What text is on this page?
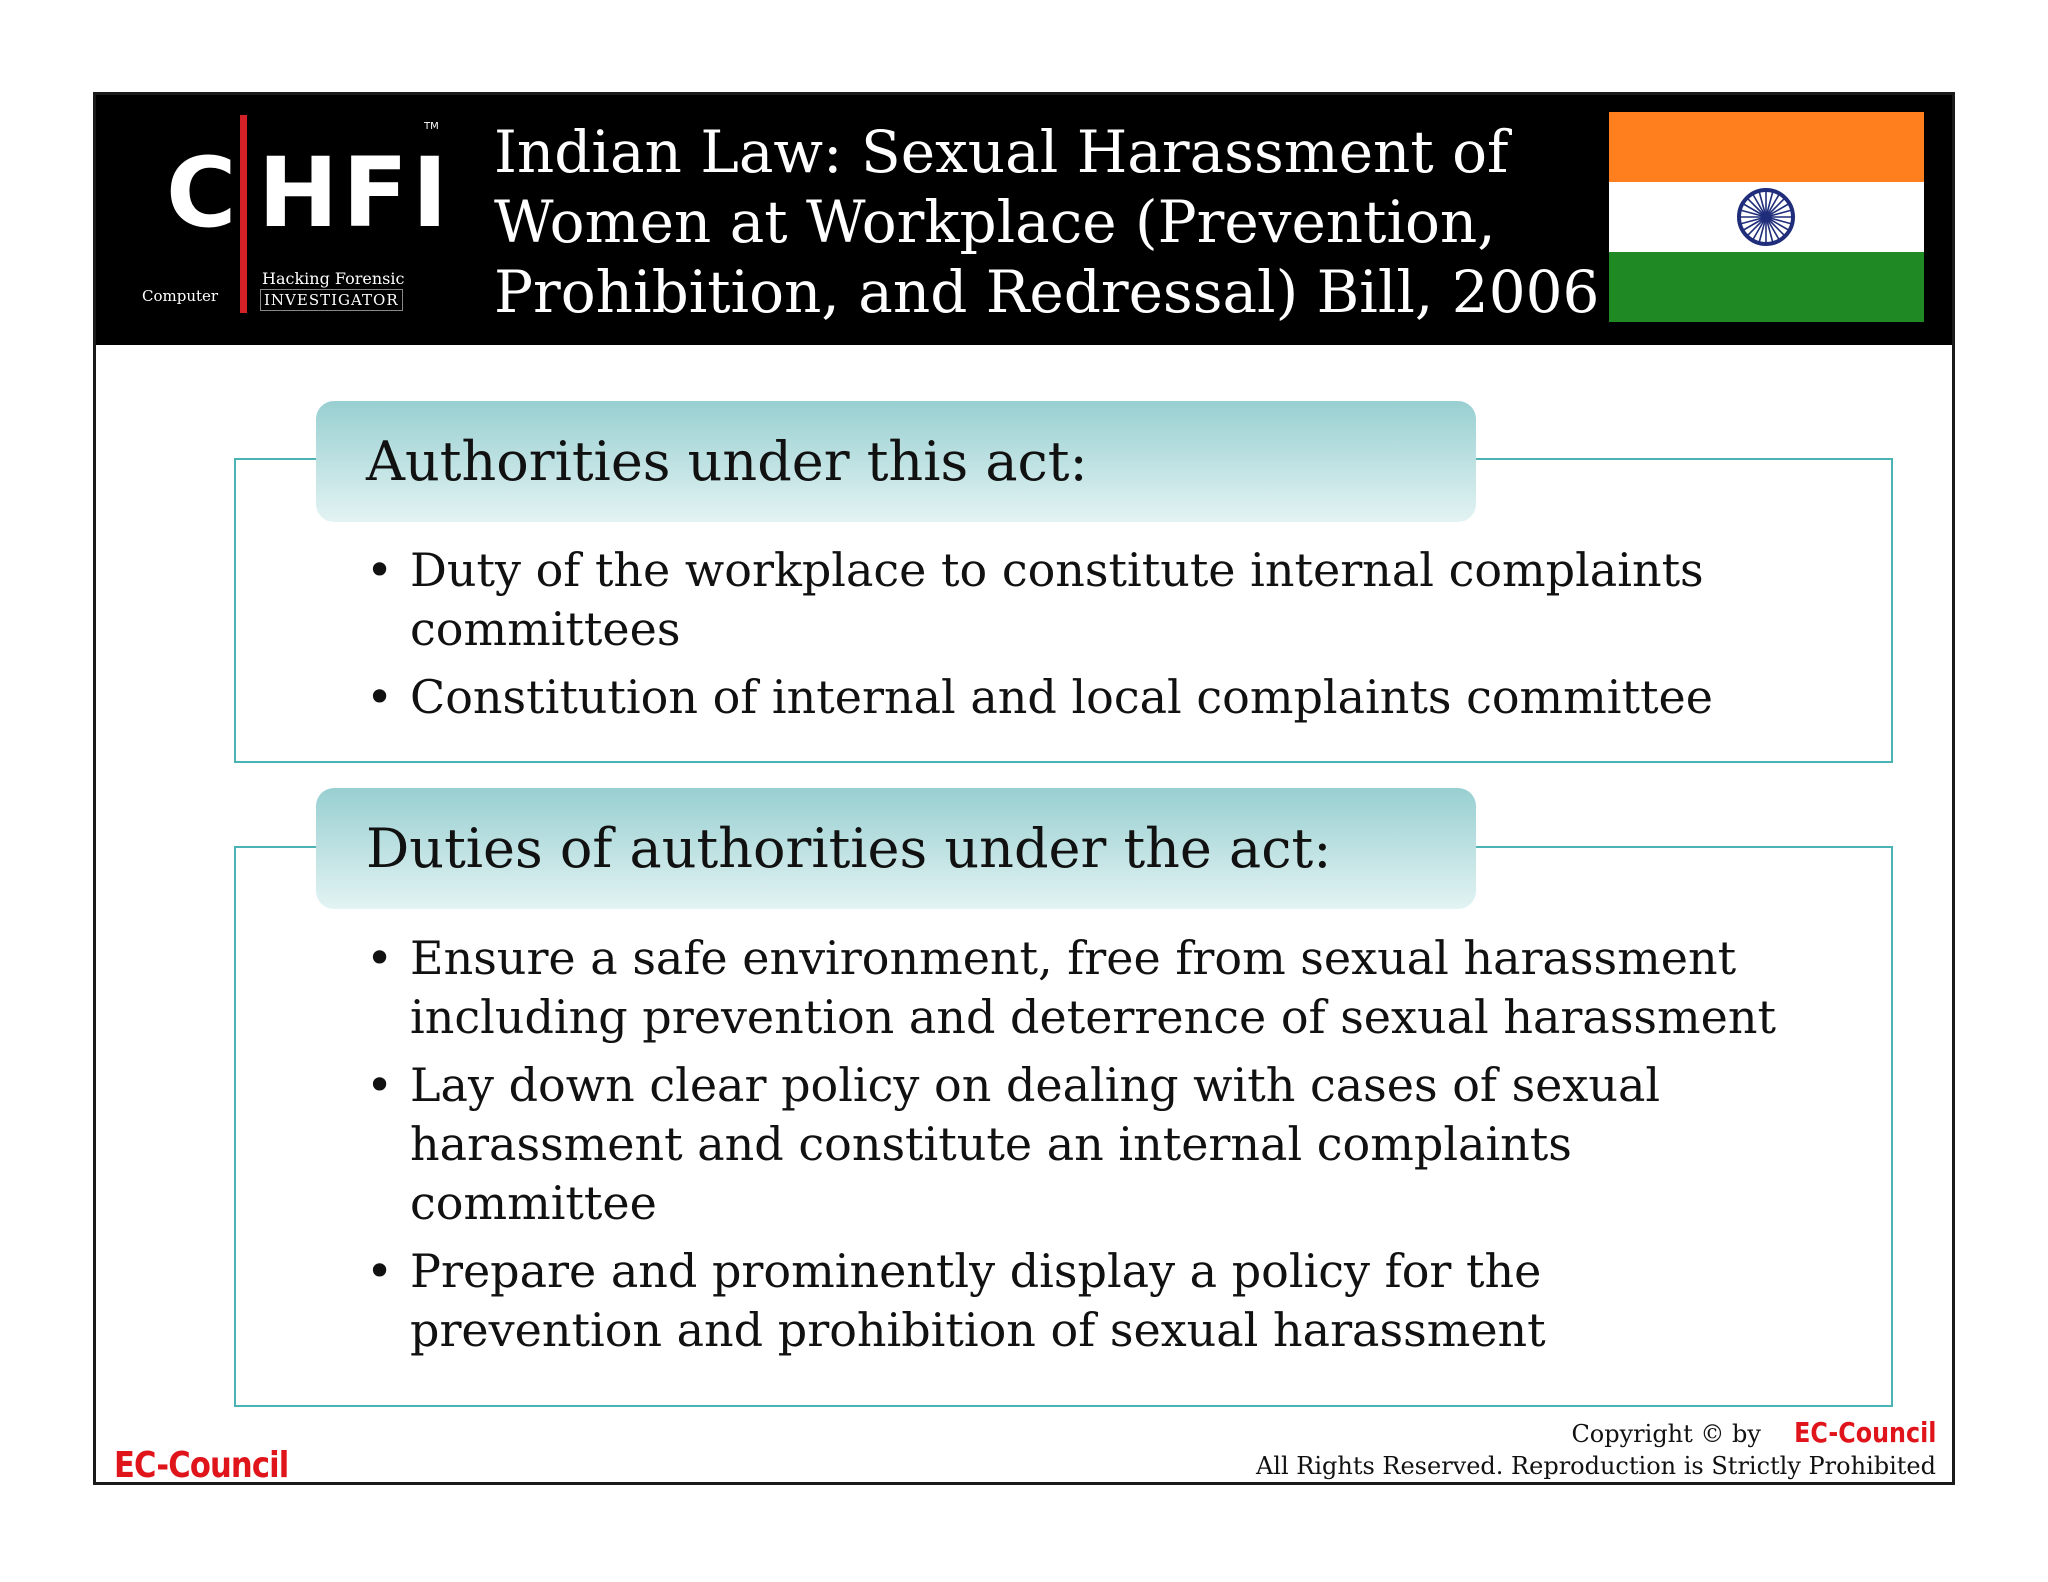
C HFI
TM
Computer
Hacking Forensic
INVESTIGATOR
Indian Law: Sexual Harassment of
Women at Workplace (Prevention,
Prohibition, and Redressal) Bill, 2006
Authorities under this act:
• Duty of the workplace to constitute internal complaints committees
• Constitution of internal and local complaints committee
Duties of authorities under the act:
• Ensure a safe environment, free from sexual harassment including prevention and deterrence of sexual harassment
• Lay down clear policy on dealing with cases of sexual harassment and constitute an internal complaints committee
• Prepare and prominently display a policy for the prevention and prohibition of sexual harassment
EC-Council
Copyright © by EC-Council
All Rights Reserved. Reproduction is Strictly Prohibited
